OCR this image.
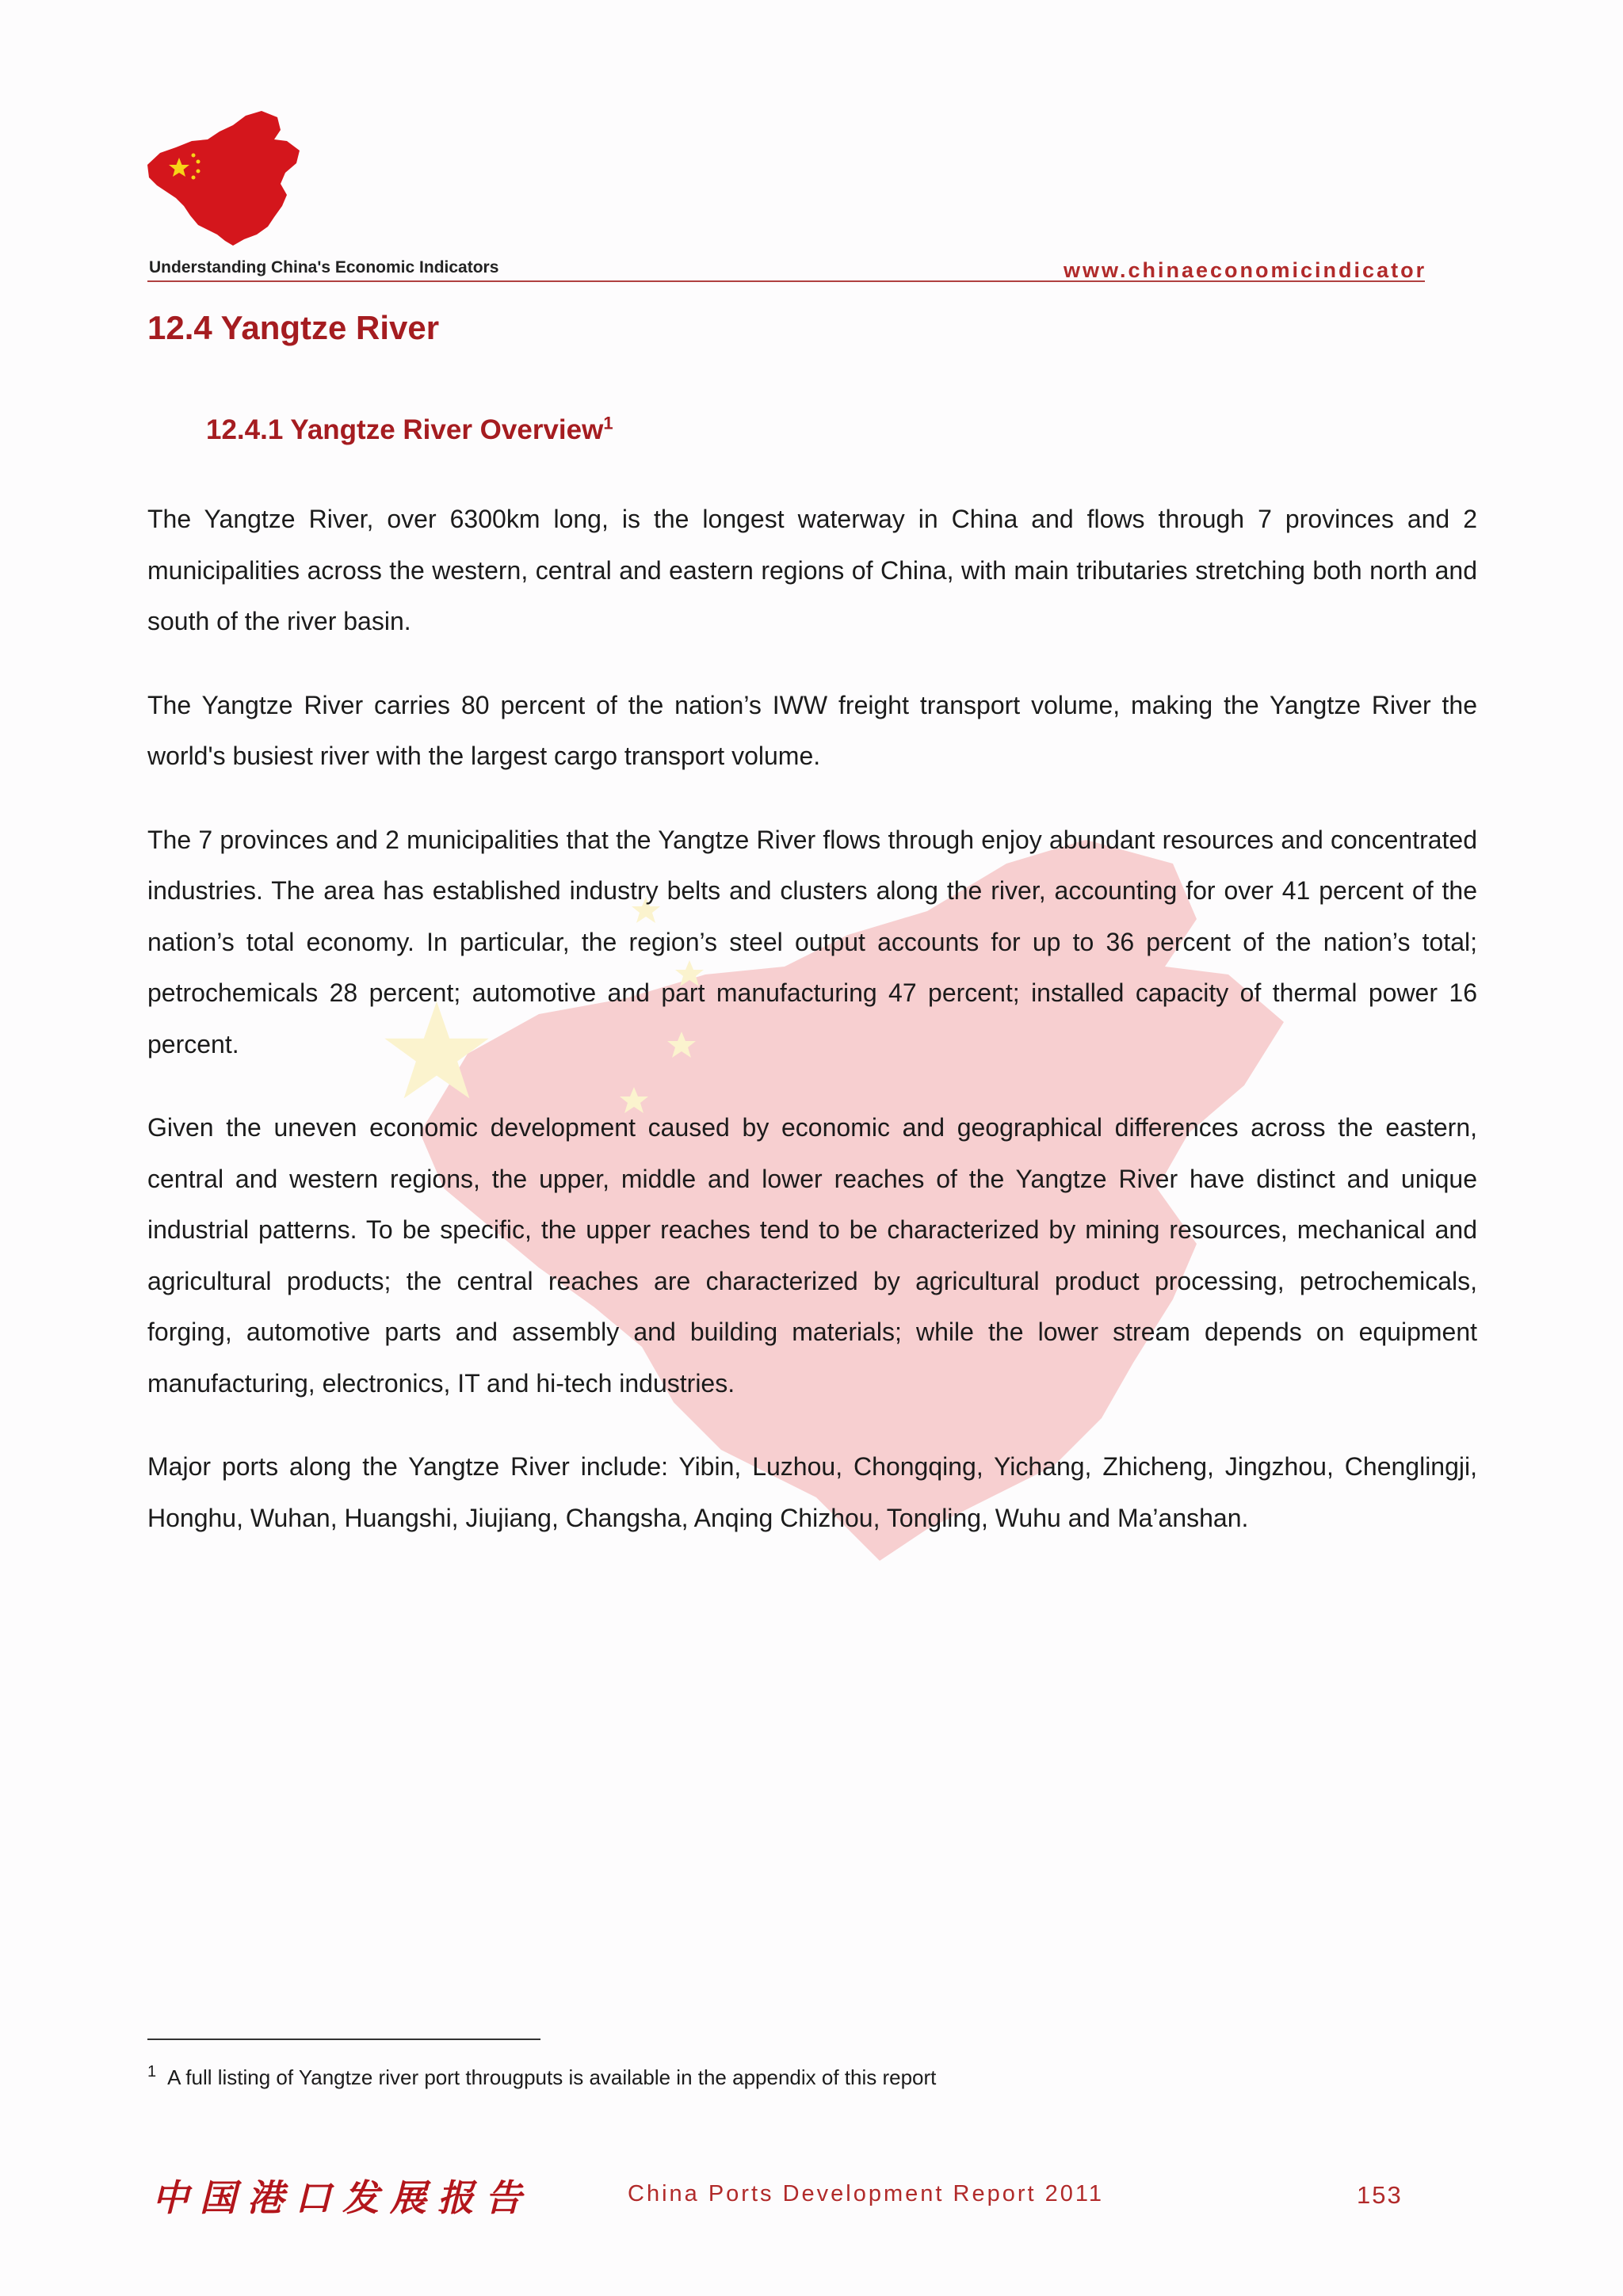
Understanding China's Economic Indicators	www.chinaeconomicindicator
12.4 Yangtze River
12.4.1 Yangtze River Overview$^1$

The Yangtze River, over 6300km long, is the longest waterway in China and flows through 7 provinces and 2 municipalities across the western, central and eastern regions of China, with main tributaries stretching both north and south of the river basin.

The Yangtze River carries 80 percent of the nation’s IWW freight transport volume, making the Yangtze River the world's busiest river with the largest cargo transport volume.

The 7 provinces and 2 municipalities that the Yangtze River flows through enjoy abundant resources and concentrated industries. The area has established industry belts and clusters along the river, accounting for over 41 percent of the nation’s total economy. In particular, the region’s steel output accounts for up to 36 percent of the nation’s total; petrochemicals 28 percent; automotive and part manufacturing 47 percent; installed capacity of thermal power 16 percent.

Given the uneven economic development caused by economic and geographical differences across the eastern, central and western regions, the upper, middle and lower reaches of the Yangtze River have distinct and unique industrial patterns. To be specific, the upper reaches tend to be characterized by mining resources, mechanical and agricultural products; the central reaches are characterized by agricultural product processing, petrochemicals, forging, automotive parts and assembly and building materials; while the lower stream depends on equipment manufacturing, electronics, IT and hi-tech industries.

Major ports along the Yangtze River include: Yibin, Luzhou, Chongqing, Yichang, Zhicheng, Jingzhou, Chenglingji, Honghu, Wuhan, Huangshi, Jiujiang, Changsha, Anqing Chizhou, Tongling, Wuhu and Ma’anshan.

$^1$ A full listing of Yangtze river port througputs is available in the appendix of this report
中国港口发展报告	China Ports Development Report 2011	153
